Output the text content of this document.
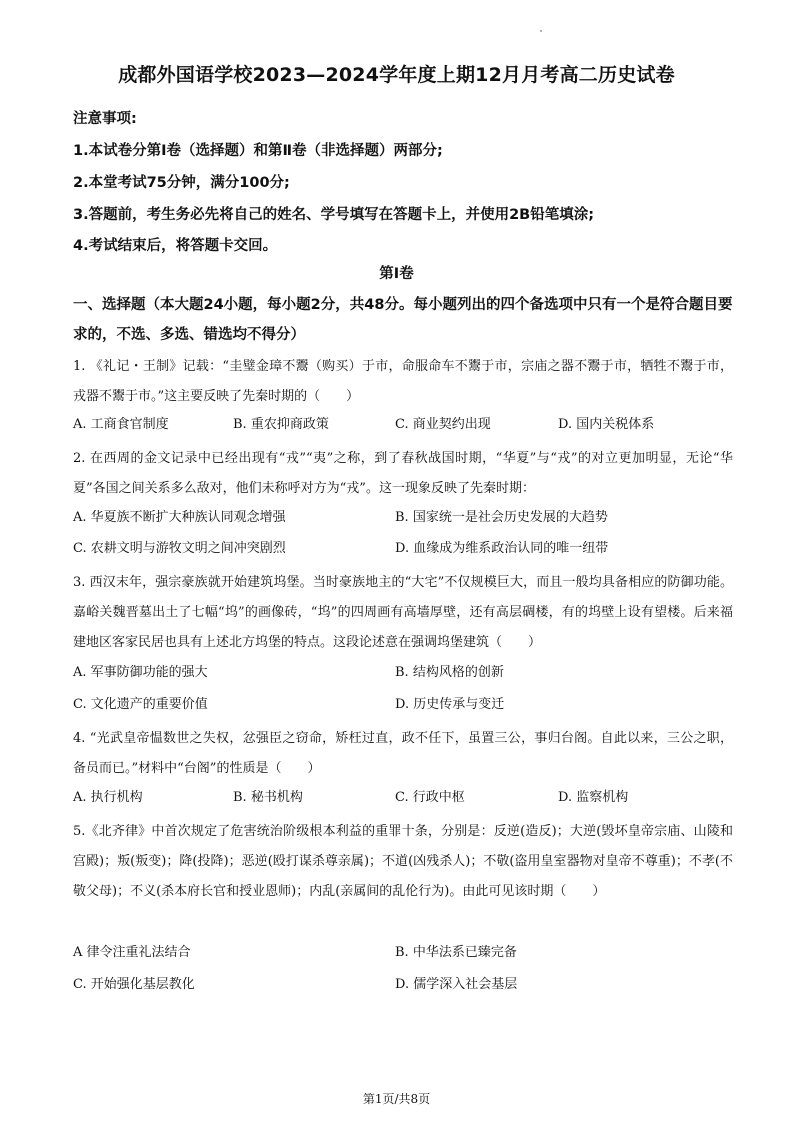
成都外国语学校2023—2024学年度上期12月月考高二历史试卷
注意事项:
1.本试卷分第Ⅰ卷（选择题）和第Ⅱ卷（非选择题）两部分;
2.本堂考试75分钟，满分100分;
3.答题前，考生务必先将自己的姓名、学号填写在答题卡上，并使用2B铅笔填涂;
4.考试结束后，将答题卡交回。
第Ⅰ卷
一、选择题（本大题24小题，每小题2分，共48分。每小题列出的四个备选项中只有一个是符合题目要求的，不选、多选、错选均不得分）
1. 《礼记・王制》记载：“圭璧金璋不鬻（购买）于市，命服命车不鬻于市，宗庙之器不鬻于市，牺牲不鬻于市，戎器不鬻于市。”这主要反映了先秦时期的（　　）
A. 工商食官制度	B. 重农抑商政策	C. 商业契约出现	D. 国内关税体系
2. 在西周的金文记录中已经出现有“戎”“夷”之称，到了春秋战国时期，“华夏”与“戎”的对立更加明显，无论“华夏”各国之间关系多么敌对，他们未称呼对方为“戎”。这一现象反映了先秦时期：
A. 华夏族不断扩大种族认同观念增强	B. 国家统一是社会历史发展的大趋势
C. 农耕文明与游牧文明之间冲突剧烈	D. 血缘成为维系政治认同的唯一纽带
3. 西汉末年，强宗豪族就开始建筑坞堡。当时豪族地主的“大宅”不仅规模巨大，而且一般均具备相应的防御功能。嘉峪关魏晋墓出土了七幅“坞”的画像砖，“坞”的四周画有高墙厚壁，还有高层碉楼，有的坞壁上设有望楼。后来福建地区客家民居也具有上述北方坞堡的特点。这段论述意在强调坞堡建筑（　　）
A. 军事防御功能的强大	B. 结构风格的创新
C. 文化遗产的重要价值	D. 历史传承与变迁
4. “光武皇帝愠数世之失权，忿强臣之窃命，矫枉过直，政不任下，虽置三公，事归台阁。自此以来，三公之职，备员而已。”材料中“台阁”的性质是（　　）
A. 执行机构	B. 秘书机构	C. 行政中枢	D. 监察机构
5.《北齐律》中首次规定了危害统治阶级根本利益的重罪十条，分别是：反逆(造反)；大逆(毁坏皇帝宗庙、山陵和宫殿)；叛(叛变)；降(投降)；恶逆(殴打谋杀尊亲属)；不道(凶残杀人)；不敬(盗用皇室器物对皇帝不尊重)；不孝(不敬父母)；不义(杀本府长官和授业恩师)；内乱(亲属间的乱伦行为)。由此可见该时期（　　）
A 律令注重礼法结合	B. 中华法系已臻完备
C. 开始强化基层教化	D. 儒学深入社会基层
第1页/共8页
